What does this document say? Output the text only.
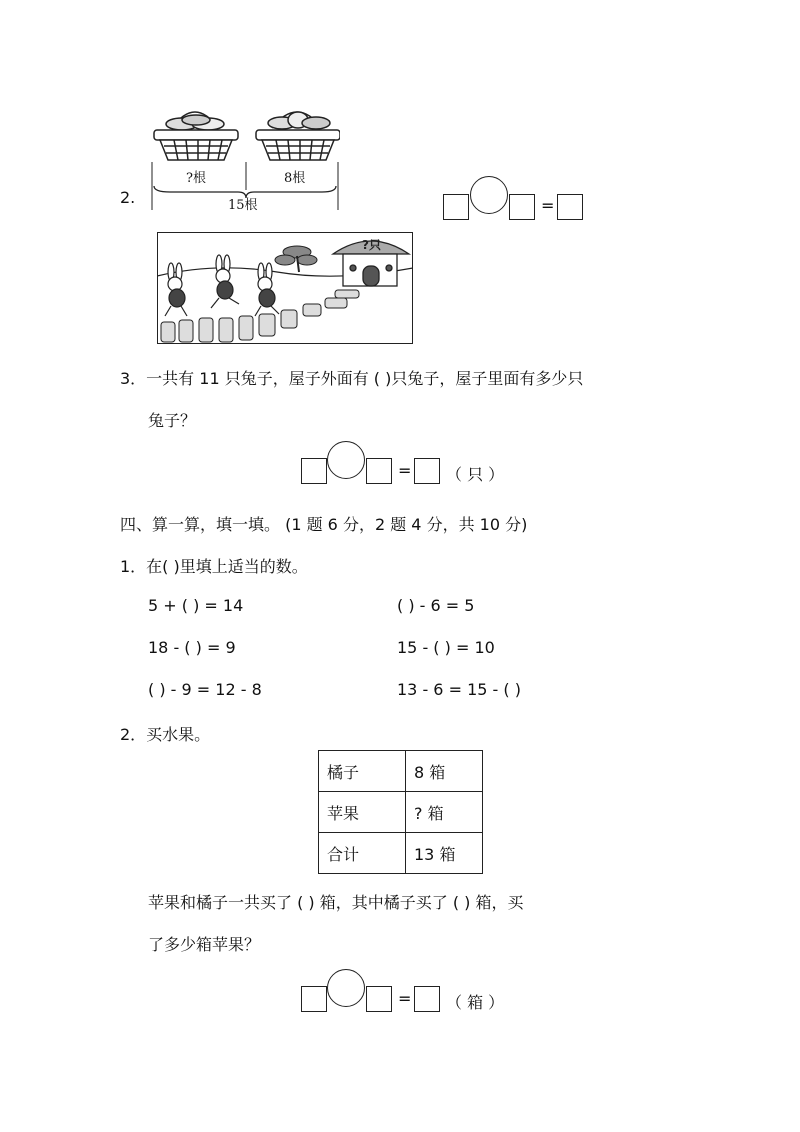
2.
?根	8根
15根	=
?只
3．一共有 11 只兔子，屋子外面有 ( )只兔子，屋子里面有多少只
兔子？
= （ 只 ）
四、算一算，填一填。 (1 题 6 分，2 题 4 分，共 10 分)
1．在( )里填上适当的数。
5 + ( ) = 14	( ) - 6 = 5
18 - ( ) = 9	15 - ( ) = 10
( ) - 9 = 12 - 8	13 - 6 = 15 - ( )
2．买水果。
橘子	8 箱
苹果	? 箱
合计	13 箱
苹果和橘子一共买了 ( ) 箱，其中橘子买了 ( ) 箱，买
了多少箱苹果？
= （ 箱 ）
